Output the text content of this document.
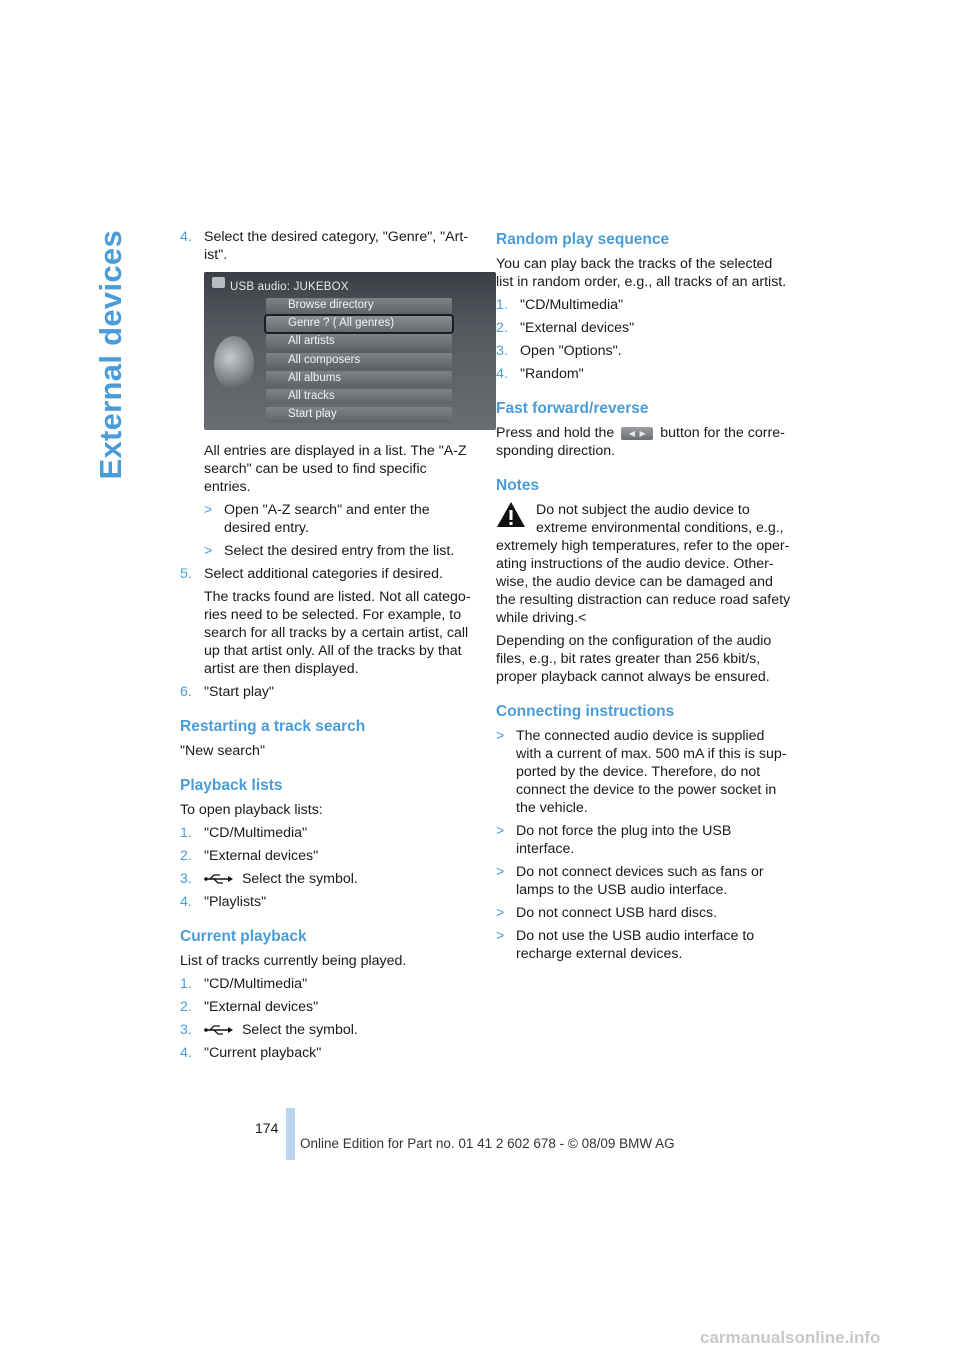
External devices	4. Select the desired category, "Genre", "Artist".
USB audio: JUKEBOX
Browse directory
Genre ? ( All genres)
All artists
All composers
All albums
All tracks
Start play

All entries are displayed in a list. The "A-Z search" can be used to find specific entries.

> Open "A-Z search" and enter the desired entry.
> Select the desired entry from the list.
5. Select additional categories if desired.

The tracks found are listed. Not all categories need to be selected. For example, to search for all tracks by a certain artist, call up that artist only. All of the tracks by that artist are then displayed.

6. "Start play"
Restarting a track search

"New search"

Playback lists

To open playback lists:

1. "CD/Multimedia"
2. "External devices"
3.	Select the symbol.
4. "Playlists"
Current playback

List of tracks currently being played.

1. "CD/Multimedia"
2. "External devices"
3.	Select the symbol.
4. "Current playback"
Random play sequence

You can play back the tracks of the selected list in random order, e.g., all tracks of an artist.

1. "CD/Multimedia"
2. "External devices"
3. Open "Options".
4. "Random"
Fast forward/reverse

Press and hold the ◀  ▶ button for the corresponding direction.

Notes

Do not subject the audio device to extreme environmental conditions, e.g., extremely high temperatures, refer to the operating instructions of the audio device. Otherwise, the audio device can be damaged and the resulting distraction can reduce road safety while driving.<

Depending on the configuration of the audio files, e.g., bit rates greater than 256 kbit/s, proper playback cannot always be ensured.

Connecting instructions
> The connected audio device is supplied with a current of max. 500 mA if this is supported by the device. Therefore, do not connect the device to the power socket in the vehicle.
> Do not force the plug into the USB interface.
> Do not connect devices such as fans or lamps to the USB audio interface.
> Do not connect USB hard discs.
> Do not use the USB audio interface to recharge external devices.
174
Online Edition for Part no. 01 41 2 602 678 - © 08/09 BMW AG
carmanualsonline.info
